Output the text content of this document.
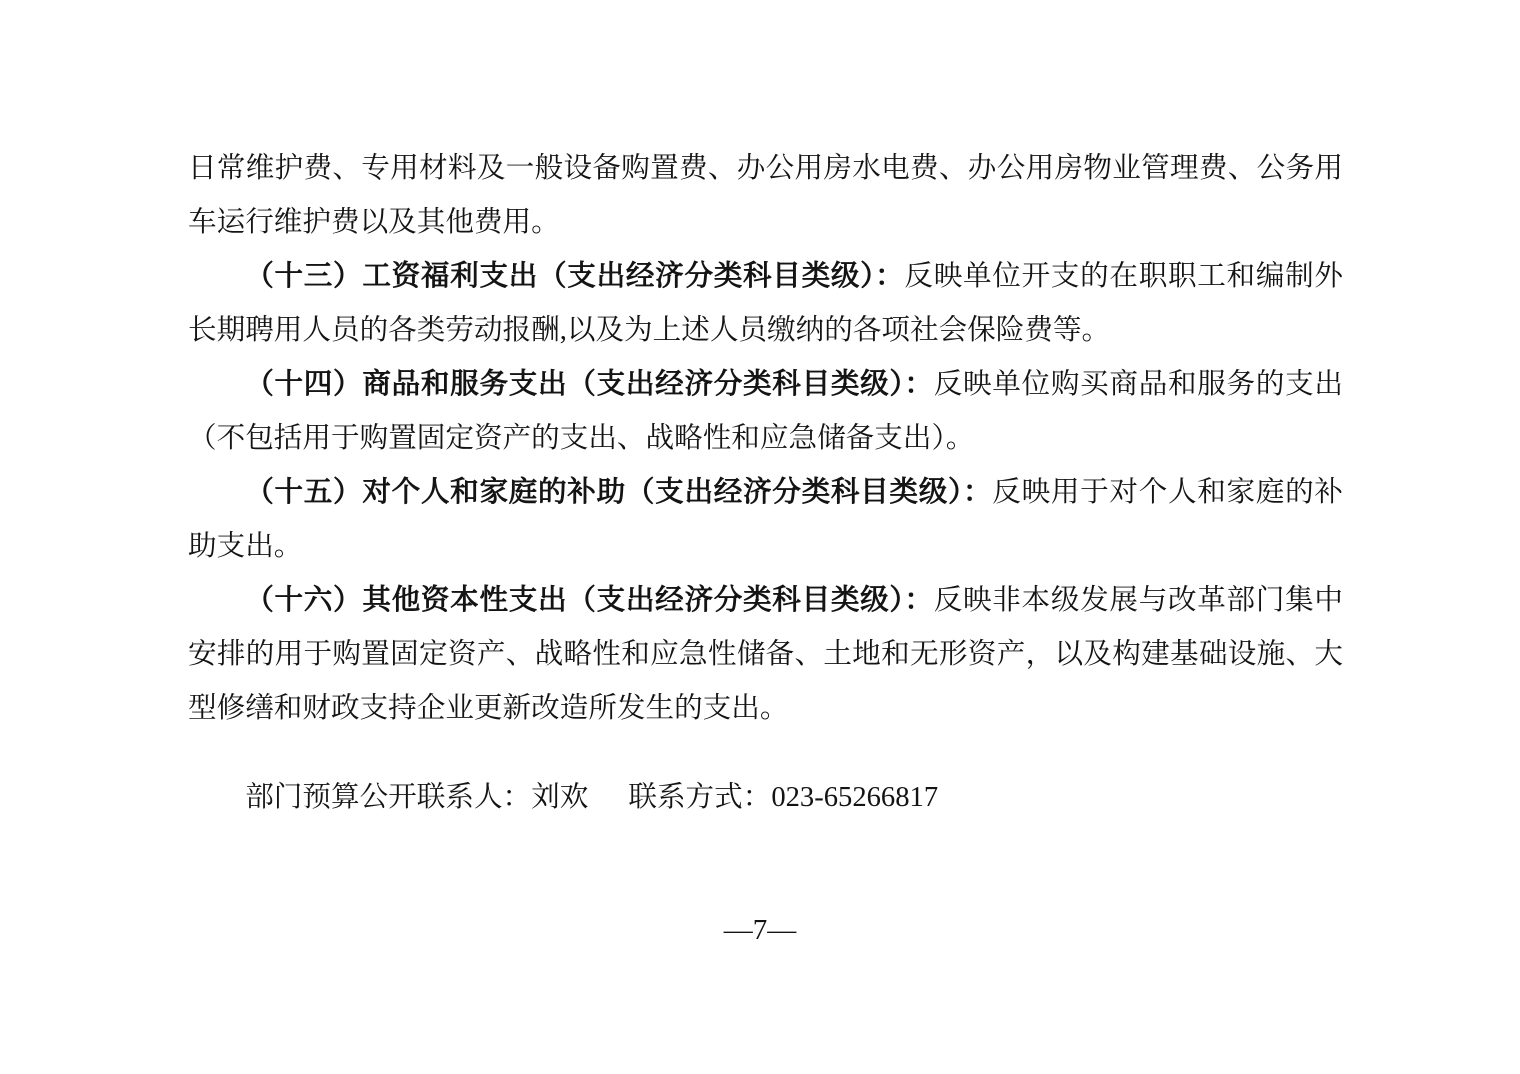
日常维护费、专用材料及一般设备购置费、办公用房水电费、办公用房物业管理费、公务用车运行维护费以及其他费用。

（十三）工资福利支出（支出经济分类科目类级）：反映单位开支的在职职工和编制外长期聘用人员的各类劳动报酬,以及为上述人员缴纳的各项社会保险费等。

（十四）商品和服务支出（支出经济分类科目类级）：反映单位购买商品和服务的支出（不包括用于购置固定资产的支出、战略性和应急储备支出）。

（十五）对个人和家庭的补助（支出经济分类科目类级）：反映用于对个人和家庭的补助支出。

（十六）其他资本性支出（支出经济分类科目类级）：反映非本级发展与改革部门集中安排的用于购置固定资产、战略性和应急性储备、土地和无形资产，以及构建基础设施、大型修缮和财政支持企业更新改造所发生的支出。

部门预算公开联系人：刘欢 联系方式：023-65266817

—7—
